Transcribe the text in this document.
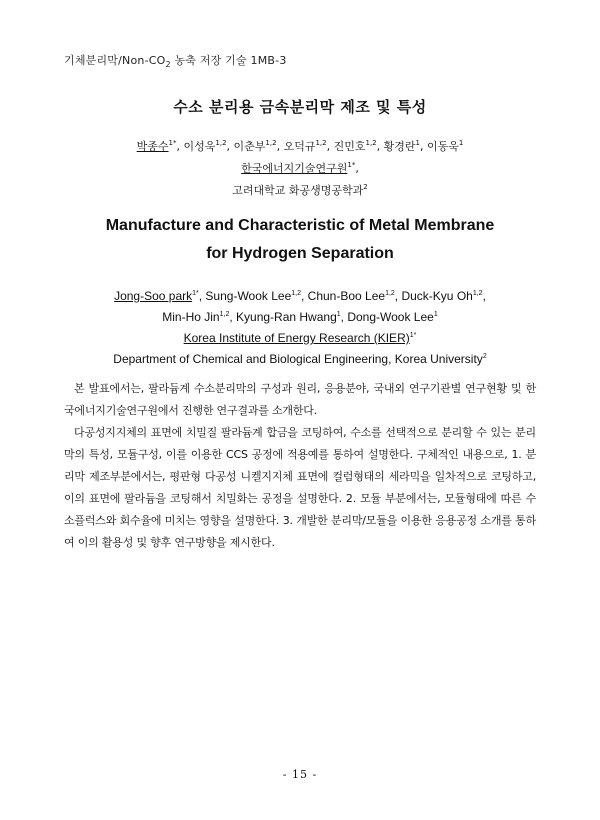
기체분리막$/Non-CO_2$ 농축 저장 기술 1MB-3
수소 분리용 금속분리막 제조 및 특성
박종수$^{1*}$, 이성욱$^{1,2}$, 이춘부$^{1,2}$, 오덕규$^{1,2}$, 진민호$^{1,2}$, 황경란$^1$, 이동욱$^1$
한국에너지기술연구원$^{1*}$,
고려대학교 화공생명공학과$^2$
Manufacture and Characteristic of Metal Membrane
for Hydrogen Separation
Jong-Soo park$^{1*}$, Sung-Wook Lee$^{1,2}$, Chun-Boo Lee$^{1,2}$, Duck-Kyu Oh$^{1,2}$,
Min-Ho Jin$^{1,2}$, Kyung-Ran Hwang$^1$, Dong-Wook Lee$^1$
Korea Institute of Energy Research (KIER)$^{1*}$
Department of Chemical and Biological Engineering, Korea University$^2$

본 발표에서는, 팔라듐계 수소분리막의 구성과 원리, 응용분야, 국내외 연구기관별 연구현황 및 한국에너지기술연구원에서 진행한 연구결과를 소개한다.

다공성지지체의 표면에 치밀질 팔라듐계 합금을 코팅하여, 수소를 선택적으로 분리할 수 있는 분리막의 특성, 모듈구성, 이를 이용한 CCS 공정에 적용예를 통하여 설명한다. 구체적인 내용으로, 1. 분리막 제조부분에서는, 평판형 다공성 니켈지지체 표면에 컬럼형태의 세라믹을 일차적으로 코팅하고, 이의 표면에 팔라듐을 코팅해서 치밀화는 공정을 설명한다. 2. 모듈 부분에서는, 모듈형태에 따른 수소플럭스와 회수율에 미치는 영향을 설명한다. 3. 개발한 분리막/모듈을 이용한 응용공정 소개를 통하여 이의 활용성 및 향후 연구방향을 제시한다.

- 15 -
